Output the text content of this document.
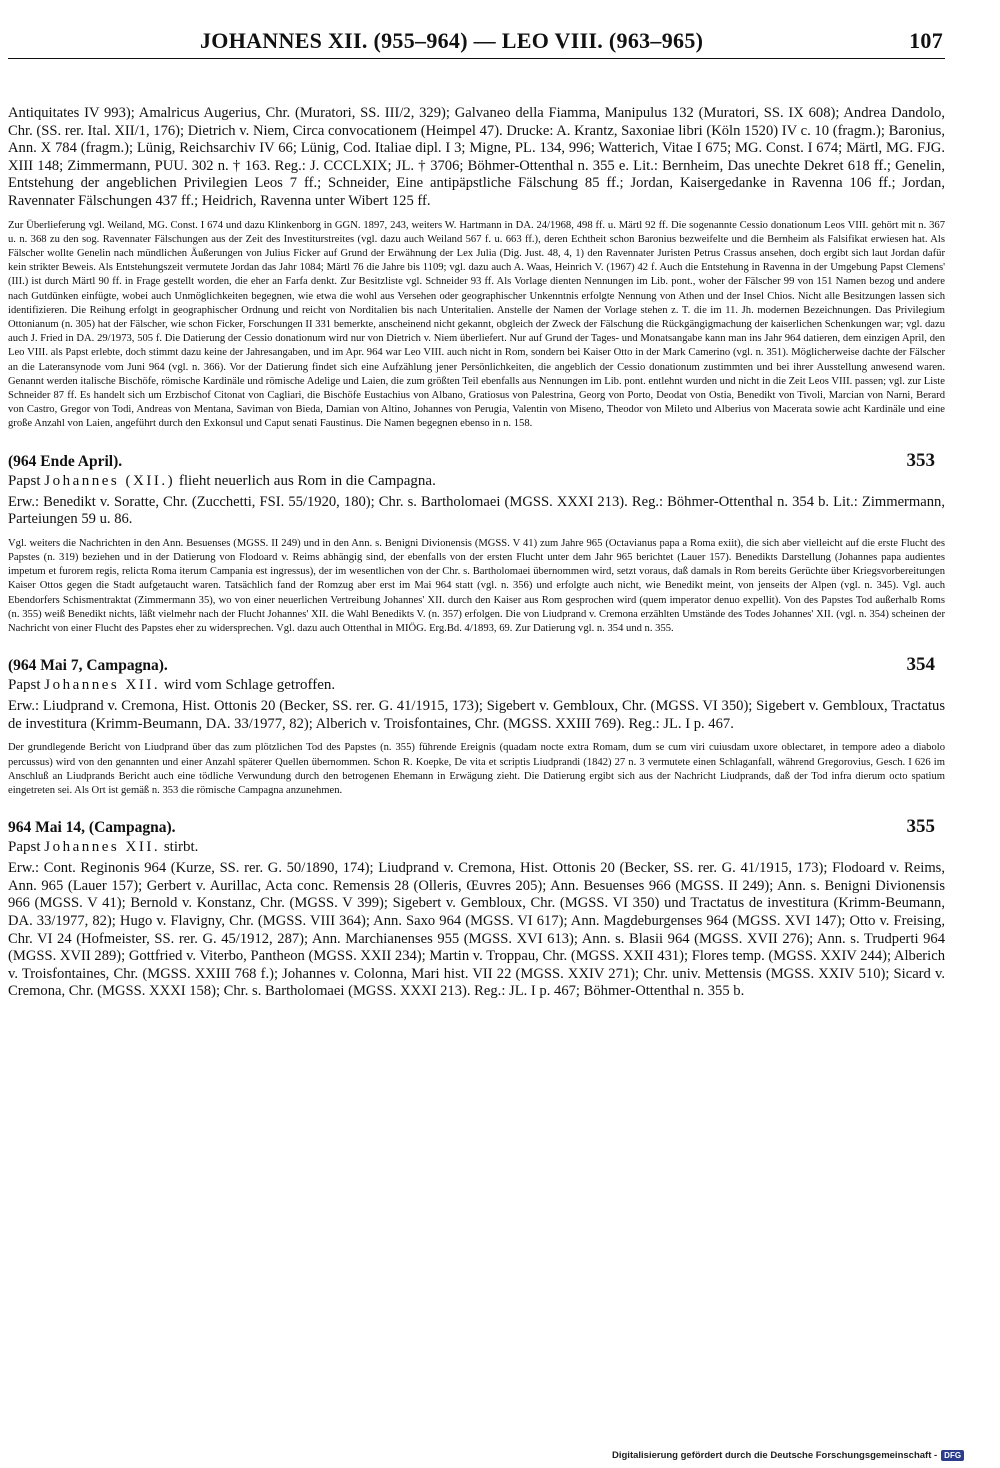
JOHANNES XII. (955–964) — LEO VIII. (963–965)	107

Antiquitates IV 993); Amalricus Augerius, Chr. (Muratori, SS. III/2, 329); Galvaneo della Fiamma, Manipulus 132 (Muratori, SS. IX 608); Andrea Dandolo, Chr. (SS. rer. Ital. XII/1, 176); Dietrich v. Niem, Circa convocationem (Heimpel 47). Drucke: A. Krantz, Saxoniae libri (Köln 1520) IV c. 10 (fragm.); Baronius, Ann. X 784 (fragm.); Lünig, Reichsarchiv IV 66; Lünig, Cod. Italiae dipl. I 3; Migne, PL. 134, 996; Watterich, Vitae I 675; MG. Const. I 674; Märtl, MG. FJG. XIII 148; Zimmermann, PUU. 302 n. † 163. Reg.: J. CCCLXIX; JL. † 3706; Böhmer-Ottenthal n. 355 e. Lit.: Bernheim, Das unechte Dekret 618 ff.; Genelin, Entstehung der angeblichen Privilegien Leos 7 ff.; Schneider, Eine antipäpstliche Fälschung 85 ff.; Jordan, Kaisergedanke in Ravenna 106 ff.; Jordan, Ravennater Fälschungen 437 ff.; Heidrich, Ravenna unter Wibert 125 ff.

Zur Überlieferung vgl. Weiland, MG. Const. I 674 und dazu Klinkenborg in GGN. 1897, 243, weiters W. Hartmann in DA. 24/1968, 498 ff. u. Märtl 92 ff. Die sogenannte Cessio donationum Leos VIII. gehört mit n. 367 u. n. 368 zu den sog. Ravennater Fälschungen aus der Zeit des Investiturstreites (vgl. dazu auch Weiland 567 f. u. 663 ff.), deren Echtheit schon Baronius bezweifelte und die Bernheim als Falsifikat erwiesen hat. Als Fälscher wollte Genelin nach mündlichen Äußerungen von Julius Ficker auf Grund der Erwähnung der Lex Julia (Dig. Just. 48, 4, 1) den Ravennater Juristen Petrus Crassus ansehen, doch ergibt sich laut Jordan dafür kein strikter Beweis. Als Entstehungszeit vermutete Jordan das Jahr 1084; Märtl 76 die Jahre bis 1109; vgl. dazu auch A. Waas, Heinrich V. (1967) 42 f. Auch die Entstehung in Ravenna in der Umgebung Papst Clemens' (III.) ist durch Märtl 90 ff. in Frage gestellt worden, die eher an Farfa denkt. Zur Besitzliste vgl. Schneider 93 ff. Als Vorlage dienten Nennungen im Lib. pont., woher der Fälscher 99 von 151 Namen bezog und andere nach Gutdünken einfügte, wobei auch Unmöglichkeiten begegnen, wie etwa die wohl aus Versehen oder geographischer Unkenntnis erfolgte Nennung von Athen und der Insel Chios. Nicht alle Besitzungen lassen sich identifizieren. Die Reihung erfolgt in geographischer Ordnung und reicht von Norditalien bis nach Unteritalien. Anstelle der Namen der Vorlage stehen z. T. die im 11. Jh. modernen Bezeichnungen. Das Privilegium Ottonianum (n. 305) hat der Fälscher, wie schon Ficker, Forschungen II 331 bemerkte, anscheinend nicht gekannt, obgleich der Zweck der Fälschung die Rückgängigmachung der kaiserlichen Schenkungen war; vgl. dazu auch J. Fried in DA. 29/1973, 505 f. Die Datierung der Cessio donationum wird nur von Dietrich v. Niem überliefert. Nur auf Grund der Tages- und Monatsangabe kann man ins Jahr 964 datieren, dem einzigen April, den Leo VIII. als Papst erlebte, doch stimmt dazu keine der Jahresangaben, und im Apr. 964 war Leo VIII. auch nicht in Rom, sondern bei Kaiser Otto in der Mark Camerino (vgl. n. 351). Möglicherweise dachte der Fälscher an die Lateransynode vom Juni 964 (vgl. n. 366). Vor der Datierung findet sich eine Aufzählung jener Persönlichkeiten, die angeblich der Cessio donationum zustimmten und bei ihrer Ausstellung anwesend waren. Genannt werden italische Bischöfe, römische Kardinäle und römische Adelige und Laien, die zum größten Teil ebenfalls aus Nennungen im Lib. pont. entlehnt wurden und nicht in die Zeit Leos VIII. passen; vgl. zur Liste Schneider 87 ff. Es handelt sich um Erzbischof Citonat von Cagliari, die Bischöfe Eustachius von Albano, Gratiosus von Palestrina, Georg von Porto, Deodat von Ostia, Benedikt von Tivoli, Marcian von Narni, Berard von Castro, Gregor von Todi, Andreas von Mentana, Saviman von Bieda, Damian von Altino, Johannes von Perugia, Valentin von Miseno, Theodor von Mileto und Alberius von Macerata sowie acht Kardinäle und eine große Anzahl von Laien, angeführt durch den Exkonsul und Caput senati Faustinus. Die Namen begegnen ebenso in n. 158.

(964 Ende April).	353

Papst Johannes (XII.) flieht neuerlich aus Rom in die Campagna.

Erw.: Benedikt v. Soratte, Chr. (Zucchetti, FSI. 55/1920, 180); Chr. s. Bartholomaei (MGSS. XXXI 213). Reg.: Böhmer-Ottenthal n. 354 b. Lit.: Zimmermann, Parteiungen 59 u. 86.

Vgl. weiters die Nachrichten in den Ann. Besuenses (MGSS. II 249) und in den Ann. s. Benigni Divionensis (MGSS. V 41) zum Jahre 965 (Octavianus papa a Roma exiit), die sich aber vielleicht auf die erste Flucht des Papstes (n. 319) beziehen und in der Datierung von Flodoard v. Reims abhängig sind, der ebenfalls von der ersten Flucht unter dem Jahr 965 berichtet (Lauer 157). Benedikts Darstellung (Johannes papa audientes impetum et furorem regis, relicta Roma iterum Campania est ingressus), der im wesentlichen von der Chr. s. Bartholomaei übernommen wird, setzt voraus, daß damals in Rom bereits Gerüchte über Kriegsvorbereitungen Kaiser Ottos gegen die Stadt aufgetaucht waren. Tatsächlich fand der Romzug aber erst im Mai 964 statt (vgl. n. 356) und erfolgte auch nicht, wie Benedikt meint, von jenseits der Alpen (vgl. n. 345). Vgl. auch Ebendorfers Schismentraktat (Zimmermann 35), wo von einer neuerlichen Vertreibung Johannes' XII. durch den Kaiser aus Rom gesprochen wird (quem imperator denuo expellit). Von des Papstes Tod außerhalb Roms (n. 355) weiß Benedikt nichts, läßt vielmehr nach der Flucht Johannes' XII. die Wahl Benedikts V. (n. 357) erfolgen. Die von Liudprand v. Cremona erzählten Umstände des Todes Johannes' XII. (vgl. n. 354) scheinen der Nachricht von einer Flucht des Papstes eher zu widersprechen. Vgl. dazu auch Ottenthal in MIÖG. Erg.Bd. 4/1893, 69. Zur Datierung vgl. n. 354 und n. 355.

(964 Mai 7, Campagna).	354

Papst Johannes XII. wird vom Schlage getroffen.

Erw.: Liudprand v. Cremona, Hist. Ottonis 20 (Becker, SS. rer. G. 41/1915, 173); Sigebert v. Gembloux, Chr. (MGSS. VI 350); Sigebert v. Gembloux, Tractatus de investitura (Krimm-Beumann, DA. 33/1977, 82); Alberich v. Troisfontaines, Chr. (MGSS. XXIII 769). Reg.: JL. I p. 467.

Der grundlegende Bericht von Liudprand über das zum plötzlichen Tod des Papstes (n. 355) führende Ereignis (quadam nocte extra Romam, dum se cum viri cuiusdam uxore oblectaret, in tempore adeo a diabolo percussus) wird von den genannten und einer Anzahl späterer Quellen übernommen. Schon R. Koepke, De vita et scriptis Liudprandi (1842) 27 n. 3 vermutete einen Schlaganfall, während Gregorovius, Gesch. I 626 im Anschluß an Liudprands Bericht auch eine tödliche Verwundung durch den betrogenen Ehemann in Erwägung zieht. Die Datierung ergibt sich aus der Nachricht Liudprands, daß der Tod infra dierum octo spatium eingetreten sei. Als Ort ist gemäß n. 353 die römische Campagna anzunehmen.

964 Mai 14, (Campagna).	355

Papst Johannes XII. stirbt.

Erw.: Cont. Reginonis 964 (Kurze, SS. rer. G. 50/1890, 174); Liudprand v. Cremona, Hist. Ottonis 20 (Becker, SS. rer. G. 41/1915, 173); Flodoard v. Reims, Ann. 965 (Lauer 157); Gerbert v. Aurillac, Acta conc. Remensis 28 (Olleris, Œuvres 205); Ann. Besuenses 966 (MGSS. II 249); Ann. s. Benigni Divionensis 966 (MGSS. V 41); Bernold v. Konstanz, Chr. (MGSS. V 399); Sigebert v. Gembloux, Chr. (MGSS. VI 350) und Tractatus de investitura (Krimm-Beumann, DA. 33/1977, 82); Hugo v. Flavigny, Chr. (MGSS. VIII 364); Ann. Saxo 964 (MGSS. VI 617); Ann. Magdeburgenses 964 (MGSS. XVI 147); Otto v. Freising, Chr. VI 24 (Hofmeister, SS. rer. G. 45/1912, 287); Ann. Marchianenses 955 (MGSS. XVI 613); Ann. s. Blasii 964 (MGSS. XVII 276); Ann. s. Trudperti 964 (MGSS. XVII 289); Gottfried v. Viterbo, Pantheon (MGSS. XXII 234); Martin v. Troppau, Chr. (MGSS. XXII 431); Flores temp. (MGSS. XXIV 244); Alberich v. Troisfontaines, Chr. (MGSS. XXIII 768 f.); Johannes v. Colonna, Mari hist. VII 22 (MGSS. XXIV 271); Chr. univ. Mettensis (MGSS. XXIV 510); Sicard v. Cremona, Chr. (MGSS. XXXI 158); Chr. s. Bartholomaei (MGSS. XXXI 213). Reg.: JL. I p. 467; Böhmer-Ottenthal n. 355 b.

Digitalisierung gefördert durch die Deutsche Forschungsgemeinschaft - DFG
